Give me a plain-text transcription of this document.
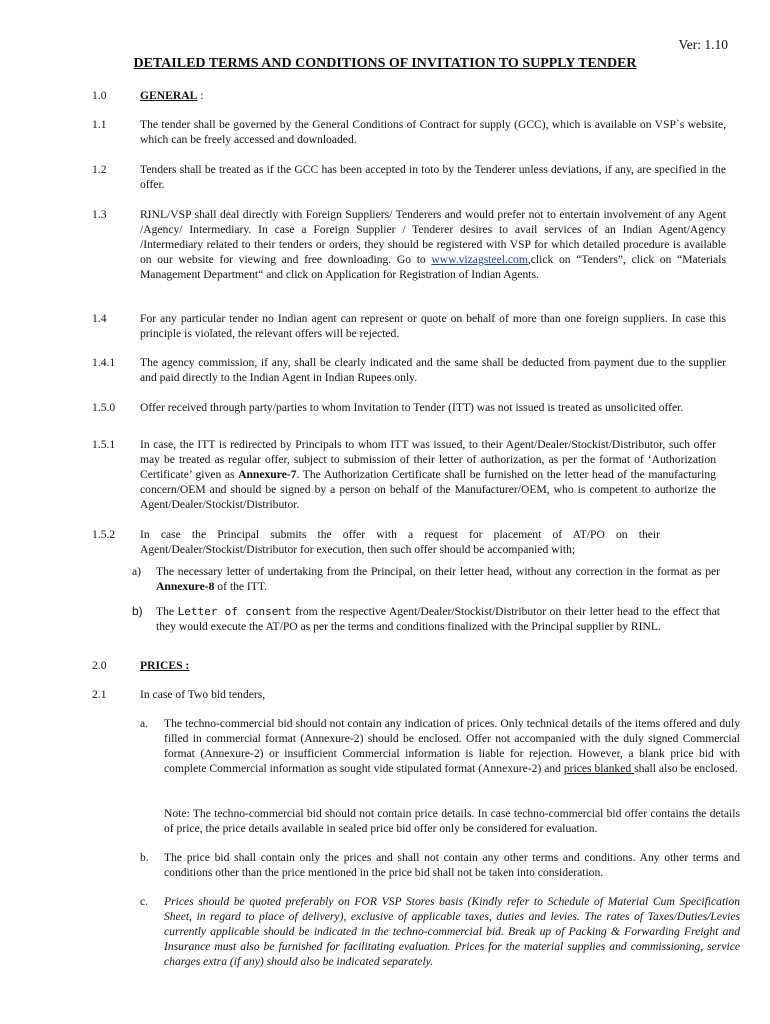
Ver: 1.10
DETAILED TERMS AND CONDITIONS OF INVITATION TO SUPPLY TENDER
1.0	GENERAL :
1.1	The tender shall be governed by the General Conditions of Contract for supply (GCC), which is available on VSP`s website, which can be freely accessed and downloaded.
1.2	Tenders shall be treated as if the GCC has been accepted in toto by the Tenderer unless deviations, if any, are specified in the offer.
1.3	RINL/VSP shall deal directly with Foreign Suppliers/ Tenderers and would prefer not to entertain involvement of any Agent /Agency/ Intermediary. In case a Foreign Supplier / Tenderer desires to avail services of an Indian Agent/Agency /Intermediary related to their tenders or orders, they should be registered with VSP for which detailed procedure is available on our website for viewing and free downloading. Go to www.vizagsteel.com,click on “Tenders”, click on “Materials Management Department“ and click on Application for Registration of Indian Agents.
1.4	For any particular tender no Indian agent can represent or quote on behalf of more than one foreign suppliers. In case this principle is violated, the relevant offers will be rejected.
1.4.1 The agency commission, if any, shall be clearly indicated and the same shall be deducted from payment due to the supplier and paid directly to the Indian Agent in Indian Rupees only.
1.5.0 Offer received through party/parties to whom Invitation to Tender (ITT) was not issued is treated as unsolicited offer.
1.5.1 In case, the ITT is redirected by Principals to whom ITT was issued, to their Agent/Dealer/Stockist/Distributor, such offer may be treated as regular offer, subject to submission of their letter of authorization, as per the format of ‘Authorization Certificate’ given as Annexure-7. The Authorization Certificate shall be furnished on the letter head of the manufacturing concern/OEM and should be signed by a person on behalf of the Manufacturer/OEM, who is competent to authorize the Agent/Dealer/Stockist/Distributor.
1.5.2 In case the Principal submits the offer with a request for placement of AT/PO on their Agent/Dealer/Stockist/Distributor for execution, then such offer should be accompanied with;
a) The necessary letter of undertaking from the Principal, on their letter head, without any correction in the format as per Annexure-8 of the ITT.
b) The Letter of consent from the respective Agent/Dealer/Stockist/Distributor on their letter head to the effect that they would execute the AT/PO as per the terms and conditions finalized with the Principal supplier by RINL.
2.0	PRICES :
2.1	In case of Two bid tenders,
a. The techno-commercial bid should not contain any indication of prices. Only technical details of the items offered and duly filled in commercial format (Annexure-2) should be enclosed. Offer not accompanied with the duly signed Commercial format (Annexure-2) or insufficient Commercial information is liable for rejection. However, a blank price bid with complete Commercial information as sought vide stipulated format (Annexure-2) and prices blanked shall also be enclosed.
Note: The techno-commercial bid should not contain price details. In case techno-commercial bid offer contains the details of price, the price details available in sealed price bid offer only be considered for evaluation.
b. The price bid shall contain only the prices and shall not contain any other terms and conditions. Any other terms and conditions other than the price mentioned in the price bid shall not be taken into consideration.
c. Prices should be quoted preferably on FOR VSP Stores basis (Kindly refer to Schedule of Material Cum Specification Sheet, in regard to place of delivery), exclusive of applicable taxes, duties and levies. The rates of Taxes/Duties/Levies currently applicable should be indicated in the techno-commercial bid. Break up of Packing & Forwarding Freight and Insurance must also be furnished for facilitating evaluation. Prices for the material supplies and commissioning, service charges extra (if any) should also be indicated separately.
